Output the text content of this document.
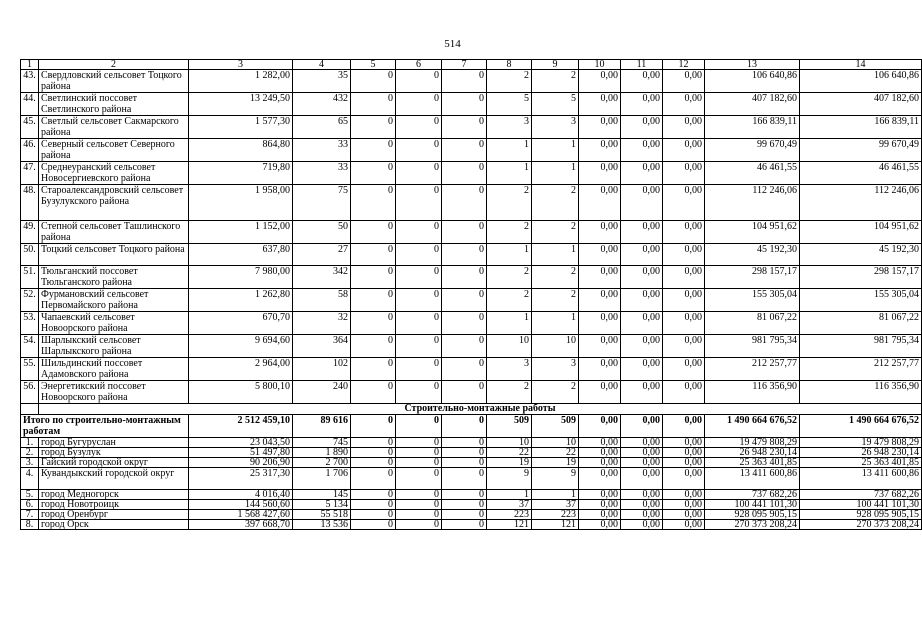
514
1	2	3	4	5	6	7	8	9	10	11	12	13	14
43.	Свердловский сельсовет Тоцкого района	1 282,00	35	0	0	0	2	2	0,00	0,00	0,00	106 640,86	106 640,86
44.	Светлинский поссовет Светлинского района	13 249,50	432	0	0	0	5	5	0,00	0,00	0,00	407 182,60	407 182,60
45.	Светлый сельсовет Сакмарского района	1 577,30	65	0	0	0	3	3	0,00	0,00	0,00	166 839,11	166 839,11
46.	Северный сельсовет Северного района	864,80	33	0	0	0	1	1	0,00	0,00	0,00	99 670,49	99 670,49
47.	Среднеуранский сельсовет Новосергиевского района	719,80	33	0	0	0	1	1	0,00	0,00	0,00	46 461,55	46 461,55
48.	Староалександровский сельсовет Бузулукского района	1 958,00	75	0	0	0	2	2	0,00	0,00	0,00	112 246,06	112 246,06
49.	Степной сельсовет Ташлинского района	1 152,00	50	0	0	0	2	2	0,00	0,00	0,00	104 951,62	104 951,62
50.	Тоцкий сельсовет Тоцкого района	637,80	27	0	0	0	1	1	0,00	0,00	0,00	45 192,30	45 192,30
51.	Тюльганский поссовет Тюльганского района	7 980,00	342	0	0	0	2	2	0,00	0,00	0,00	298 157,17	298 157,17
52.	Фурмановский сельсовет Первомайского района	1 262,80	58	0	0	0	2	2	0,00	0,00	0,00	155 305,04	155 305,04
53.	Чапаевский сельсовет Новоорского района	670,70	32	0	0	0	1	1	0,00	0,00	0,00	81 067,22	81 067,22
54.	Шарлыкский сельсовет Шарлыкского района	9 694,60	364	0	0	0	10	10	0,00	0,00	0,00	981 795,34	981 795,34
55.	Шильдинский поссовет Адамовского района	2 964,00	102	0	0	0	3	3	0,00	0,00	0,00	212 257,77	212 257,77
56.	Энергетикский поссовет Новоорского района	5 800,10	240	0	0	0	2	2	0,00	0,00	0,00	116 356,90	116 356,90
	Строительно-монтажные работы												
Итого по строительно-монтажным работам		2 512 459,10	89 616	0	0	0	509	509	0,00	0,00	0,00	1 490 664 676,52	1 490 664 676,52
1.	город Бугуруслан	23 043,50	745	0	0	0	10	10	0,00	0,00	0,00	19 479 808,29	19 479 808,29
2.	город Бузулук	51 497,80	1 890	0	0	0	22	22	0,00	0,00	0,00	26 948 230,14	26 948 230,14
3.	Гайский городской округ	90 206,90	2 700	0	0	0	19	19	0,00	0,00	0,00	25 363 401,85	25 363 401,85
4.	Кувандыкский городской округ	25 317,30	1 706	0	0	0	9	9	0,00	0,00	0,00	13 411 600,86	13 411 600,86
5.	город Медногорск	4 016,40	145	0	0	0	1	1	0,00	0,00	0,00	737 682,26	737 682,26
6.	город Новотроицк	144 560,60	5 134	0	0	0	37	37	0,00	0,00	0,00	100 441 101,30	100 441 101,30
7.	город Оренбург	1 568 427,60	55 518	0	0	0	223	223	0,00	0,00	0,00	928 095 905,15	928 095 905,15
8.	город Орск	397 668,70	13 536	0	0	0	121	121	0,00	0,00	0,00	270 373 208,24	270 373 208,24
